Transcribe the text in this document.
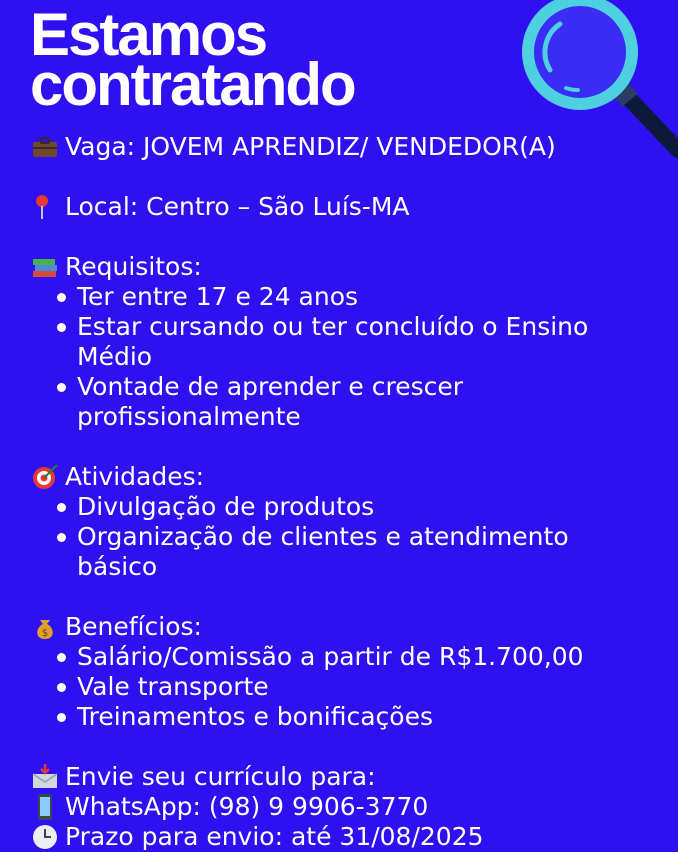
Estamos
contratando
Vaga: JOVEM APRENDIZ/ VENDEDOR(A)
Local: Centro – São Luís-MA
Requisitos:
Ter entre 17 e 24 anos
Estar cursando ou ter concluído o Ensino
Médio
Vontade de aprender e crescer
profissionalmente
Atividades:
Divulgação de produtos
Organização de clientes e atendimento
básico
$ Benefícios:
Salário/Comissão a partir de R$1.700,00
Vale transporte
Treinamentos e bonificações
Envie seu currículo para:
WhatsApp: (98) 9 9906-3770
Prazo para envio: até 31/08/2025
